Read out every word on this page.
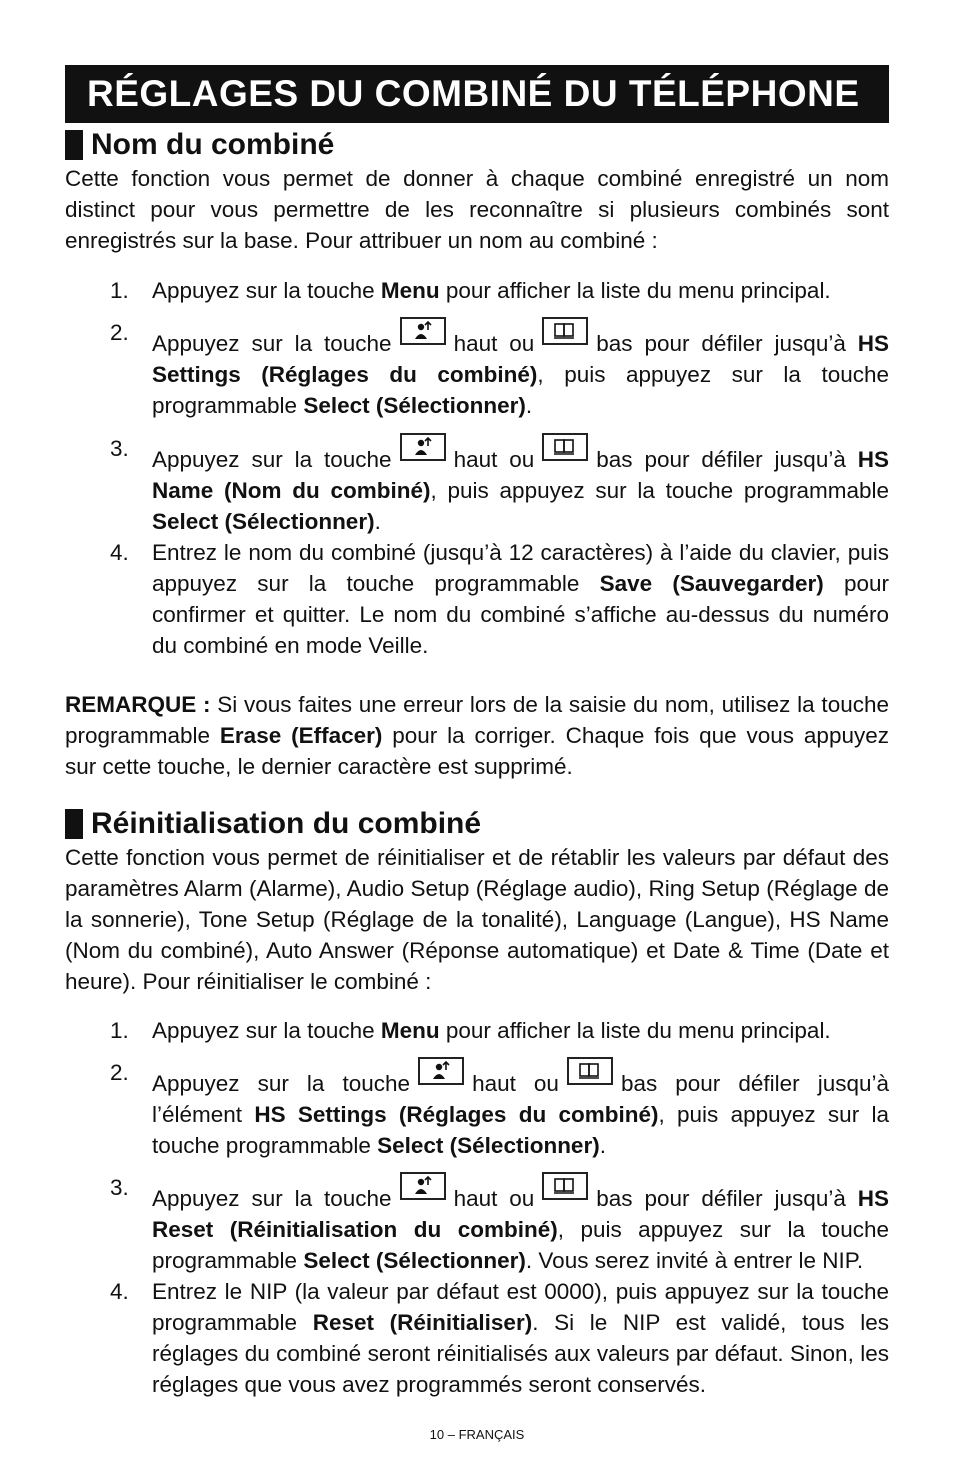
RÉGLAGES DU COMBINÉ DU TÉLÉPHONE
Nom du combiné

Cette fonction vous permet de donner à chaque combiné enregistré un nom distinct pour vous permettre de les reconnaître si plusieurs combinés sont enregistrés sur la base. Pour attribuer un nom au combiné :

1. Appuyez sur la touche Menu pour afficher la liste du menu principal.
2. Appuyez sur la touche	haut ou	bas pour défiler jusqu’à HS Settings (Réglages du combiné), puis appuyez sur la touche programmable Select (Sélectionner).
3. Appuyez sur la touche	haut ou	bas pour défiler jusqu’à HS Name (Nom du combiné), puis appuyez sur la touche programmable Select (Sélectionner).
4. Entrez le nom du combiné (jusqu’à 12 caractères) à l’aide du clavier, puis appuyez sur la touche programmable Save (Sauvegarder) pour confirmer et quitter. Le nom du combiné s’affiche au-dessus du numéro du combiné en mode Veille.

REMARQUE : Si vous faites une erreur lors de la saisie du nom, utilisez la touche programmable Erase (Effacer) pour la corriger. Chaque fois que vous appuyez sur cette touche, le dernier caractère est supprimé.

Réinitialisation du combiné

Cette fonction vous permet de réinitialiser et de rétablir les valeurs par défaut des paramètres Alarm (Alarme), Audio Setup (Réglage audio), Ring Setup (Réglage de la sonnerie), Tone Setup (Réglage de la tonalité), Language (Langue), HS Name (Nom du combiné), Auto Answer (Réponse automatique) et Date & Time (Date et heure). Pour réinitialiser le combiné :

1. Appuyez sur la touche Menu pour afficher la liste du menu principal.
2. Appuyez sur la touche	haut ou	bas pour défiler jusqu’à l’élément HS Settings (Réglages du combiné), puis appuyez sur la touche programmable Select (Sélectionner).
3. Appuyez sur la touche	haut ou	bas pour défiler jusqu’à HS Reset (Réinitialisation du combiné), puis appuyez sur la touche programmable Select (Sélectionner). Vous serez invité à entrer le NIP.
4. Entrez le NIP (la valeur par défaut est 0000), puis appuyez sur la touche programmable Reset (Réinitialiser). Si le NIP est validé, tous les réglages du combiné seront réinitialisés aux valeurs par défaut. Sinon, les réglages que vous avez programmés seront conservés.
10 – FRANÇAIS
